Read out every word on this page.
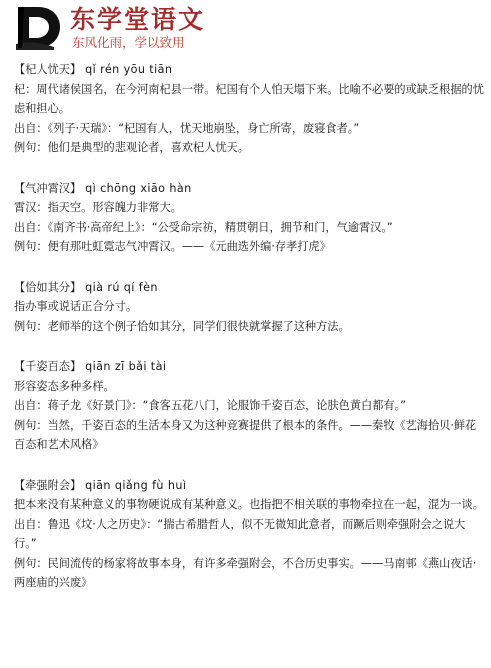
东学堂语文
东风化雨，学以致用
【杞人忧天】 qǐ rén yōu tiān
杞：周代诸侯国名，在今河南杞县一带。杞国有个人怕天塌下来。比喻不必要的或缺乏根据的忧虑和担心。
出自：《列子·天瑞》：“杞国有人，忧天地崩坠，身亡所寄，废寝食者。”
例句：他们是典型的悲观论者，喜欢杞人忧天。
【气冲霄汉】 qì chōng xiāo hàn
霄汉：指天空。形容魄力非常大。
出自：《南齐书·高帝纪上》：“公受命宗祊，精贯朝日，拥节和门，气逾霄汉。”
例句：便有那吐虹霓志气冲霄汉。——《元曲选外编·存孝打虎》
【恰如其分】 qià rú qí fèn
指办事或说话正合分寸。
例句：老师举的这个例子恰如其分，同学们很快就掌握了这种方法。
【千姿百态】 qiān zī bǎi tài
形容姿态多种多样。
出自：蒋子龙《好景门》：“食客五花八门，论服饰千姿百态，论肤色黄白都有。”
例句：当然，千姿百态的生活本身又为这种竞赛提供了根本的条件。——秦牧《艺海拾贝·鲜花百态和艺术风格》
【牵强附会】 qiān qiǎng fù huì
把本来没有某种意义的事物硬说成有某种意义。也指把不相关联的事物牵拉在一起，混为一谈。
出自：鲁迅《坟·人之历史》：“揣古希腊哲人，似不无微知此意者，而蹶后则牵强附会之说大行。”
例句：民间流传的杨家将故事本身，有许多牵强附会，不合历史事实。——马南邨《燕山夜话·两座庙的兴废》
